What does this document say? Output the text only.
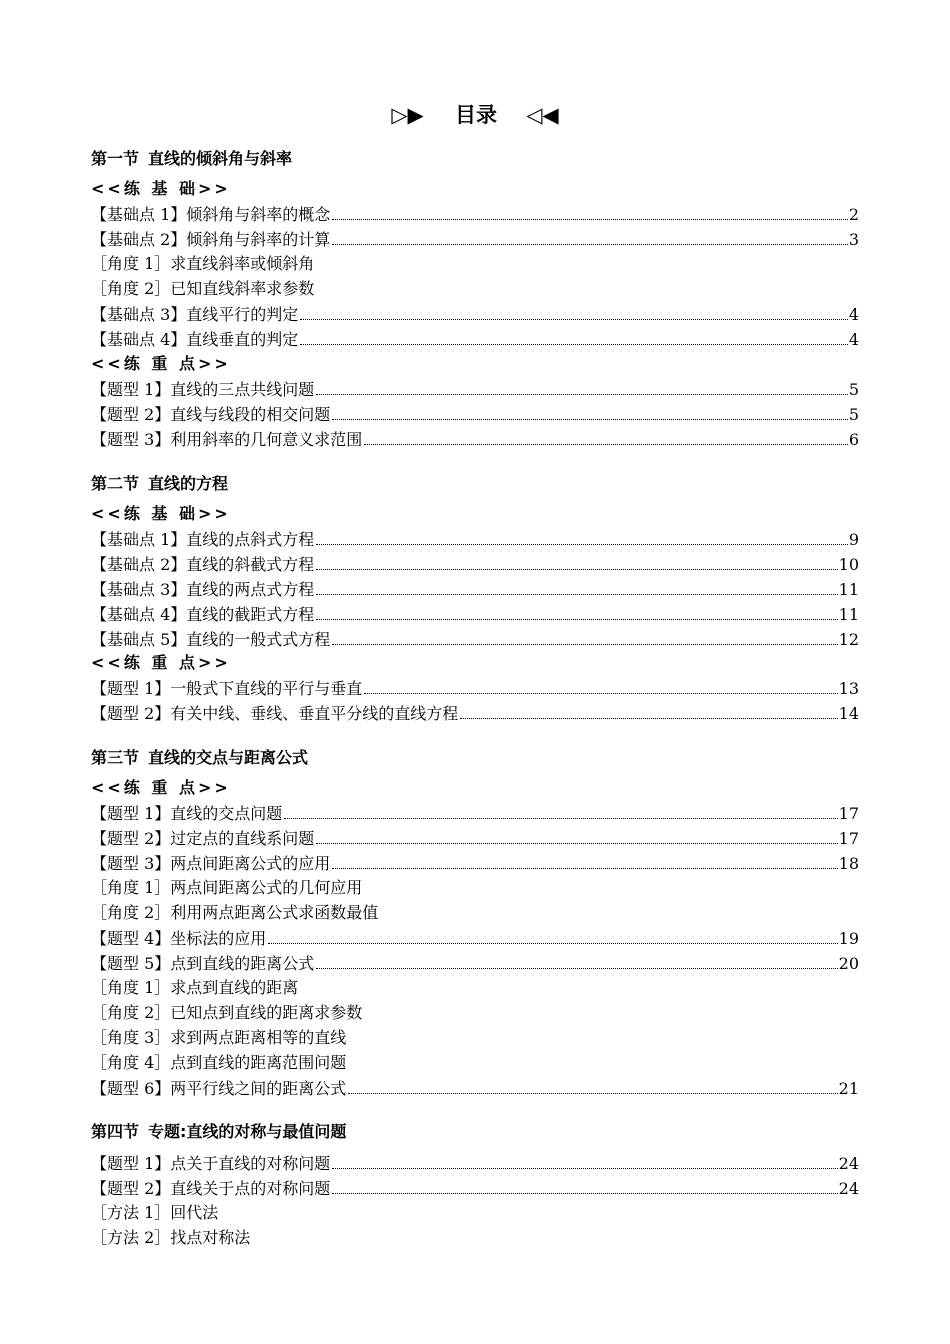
▷▶ 目录 ◁◀
第一节 直线的倾斜角与斜率
<<练 基 础>>
【基础点 1】倾斜角与斜率的概念	2
【基础点 2】倾斜角与斜率的计算	3
［角度 1］求直线斜率或倾斜角
［角度 2］已知直线斜率求参数
【基础点 3】直线平行的判定	4
【基础点 4】直线垂直的判定	4
<<练 重 点>>
【题型 1】直线的三点共线问题	5
【题型 2】直线与线段的相交问题	5
【题型 3】利用斜率的几何意义求范围	6
第二节 直线的方程
<<练 基 础>>
【基础点 1】直线的点斜式方程	9
【基础点 2】直线的斜截式方程	10
【基础点 3】直线的两点式方程	11
【基础点 4】直线的截距式方程	11
【基础点 5】直线的一般式式方程	12
<<练 重 点>>
【题型 1】一般式下直线的平行与垂直	13
【题型 2】有关中线、垂线、垂直平分线的直线方程	14
第三节 直线的交点与距离公式
<<练 重 点>>
【题型 1】直线的交点问题	17
【题型 2】过定点的直线系问题	17
【题型 3】两点间距离公式的应用	18
［角度 1］两点间距离公式的几何应用
［角度 2］利用两点距离公式求函数最值
【题型 4】坐标法的应用	19
【题型 5】点到直线的距离公式	20
［角度 1］求点到直线的距离
［角度 2］已知点到直线的距离求参数
［角度 3］求到两点距离相等的直线
［角度 4］点到直线的距离范围问题
【题型 6】两平行线之间的距离公式	21
第四节 专题:直线的对称与最值问题
【题型 1】点关于直线的对称问题	24
【题型 2】直线关于点的对称问题	24
［方法 1］回代法
［方法 2］找点对称法
